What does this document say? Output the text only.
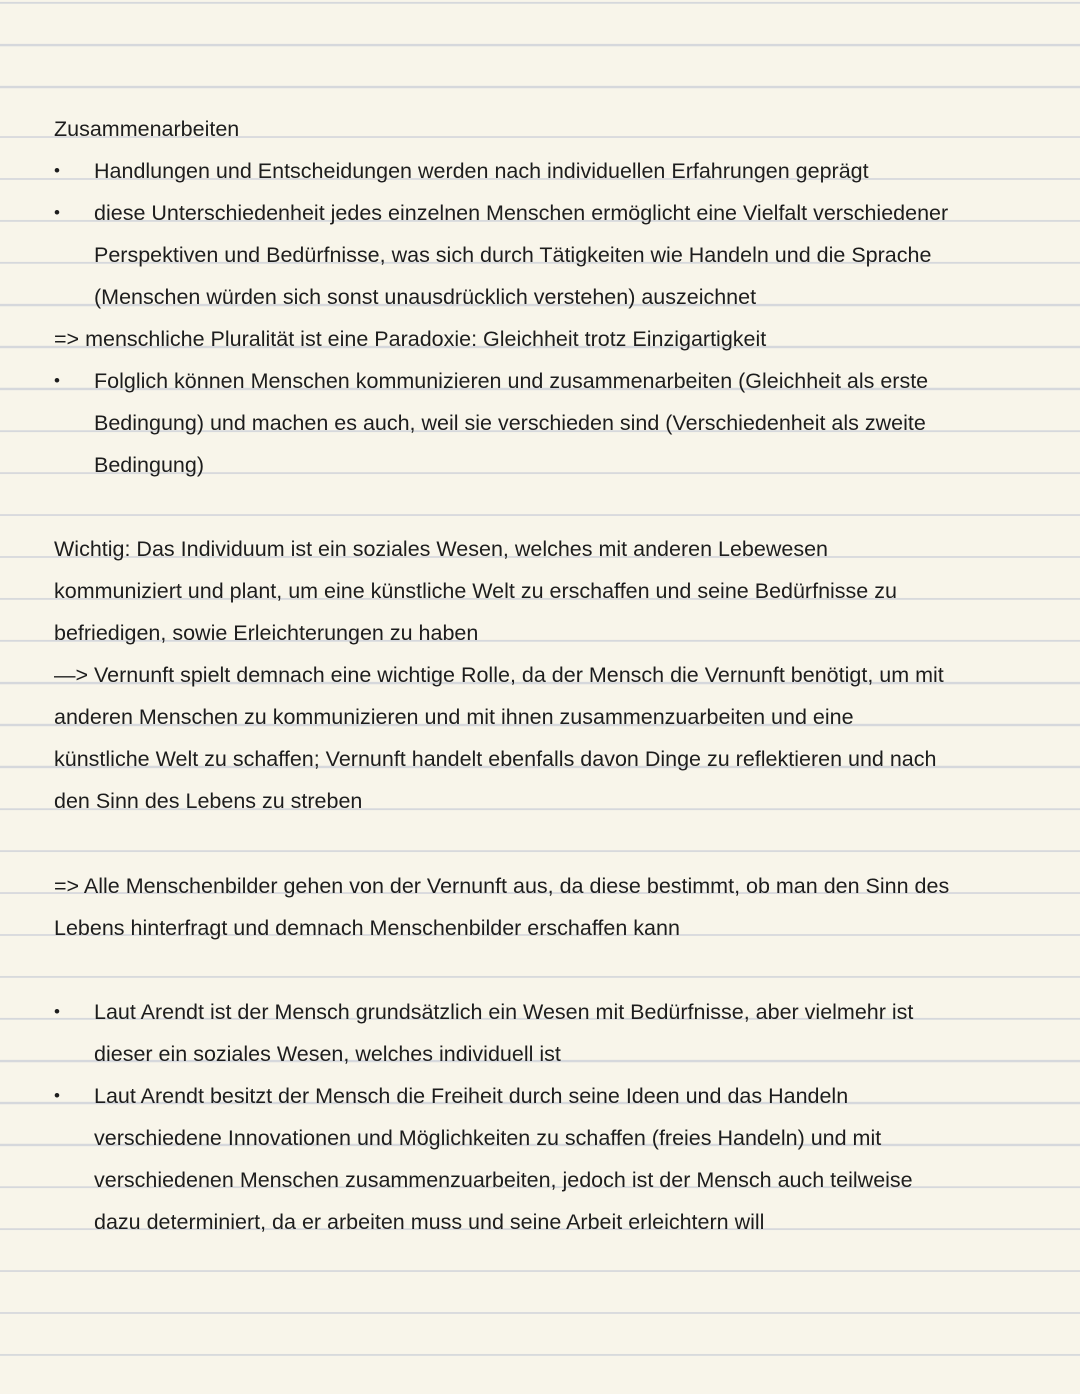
Zusammenarbeiten
• Handlungen und Entscheidungen werden nach individuellen Erfahrungen geprägt
• diese Unterschiedenheit jedes einzelnen Menschen ermöglicht eine Vielfalt verschiedener
Perspektiven und Bedürfnisse, was sich durch Tätigkeiten wie Handeln und die Sprache
(Menschen würden sich sonst unausdrücklich verstehen) auszeichnet
=> menschliche Pluralität ist eine Paradoxie: Gleichheit trotz Einzigartigkeit
• Folglich können Menschen kommunizieren und zusammenarbeiten (Gleichheit als erste
Bedingung) und machen es auch, weil sie verschieden sind (Verschiedenheit als zweite
Bedingung)
Wichtig: Das Individuum ist ein soziales Wesen, welches mit anderen Lebewesen
kommuniziert und plant, um eine künstliche Welt zu erschaffen und seine Bedürfnisse zu
befriedigen, sowie Erleichterungen zu haben
—> Vernunft spielt demnach eine wichtige Rolle, da der Mensch die Vernunft benötigt, um mit
anderen Menschen zu kommunizieren und mit ihnen zusammenzuarbeiten und eine
künstliche Welt zu schaffen; Vernunft handelt ebenfalls davon Dinge zu reflektieren und nach
den Sinn des Lebens zu streben
=> Alle Menschenbilder gehen von der Vernunft aus, da diese bestimmt, ob man den Sinn des
Lebens hinterfragt und demnach Menschenbilder erschaffen kann
• Laut Arendt ist der Mensch grundsätzlich ein Wesen mit Bedürfnisse, aber vielmehr ist
dieser ein soziales Wesen, welches individuell ist
• Laut Arendt besitzt der Mensch die Freiheit durch seine Ideen und das Handeln
verschiedene Innovationen und Möglichkeiten zu schaffen (freies Handeln) und mit
verschiedenen Menschen zusammenzuarbeiten, jedoch ist der Mensch auch teilweise
dazu determiniert, da er arbeiten muss und seine Arbeit erleichtern will
